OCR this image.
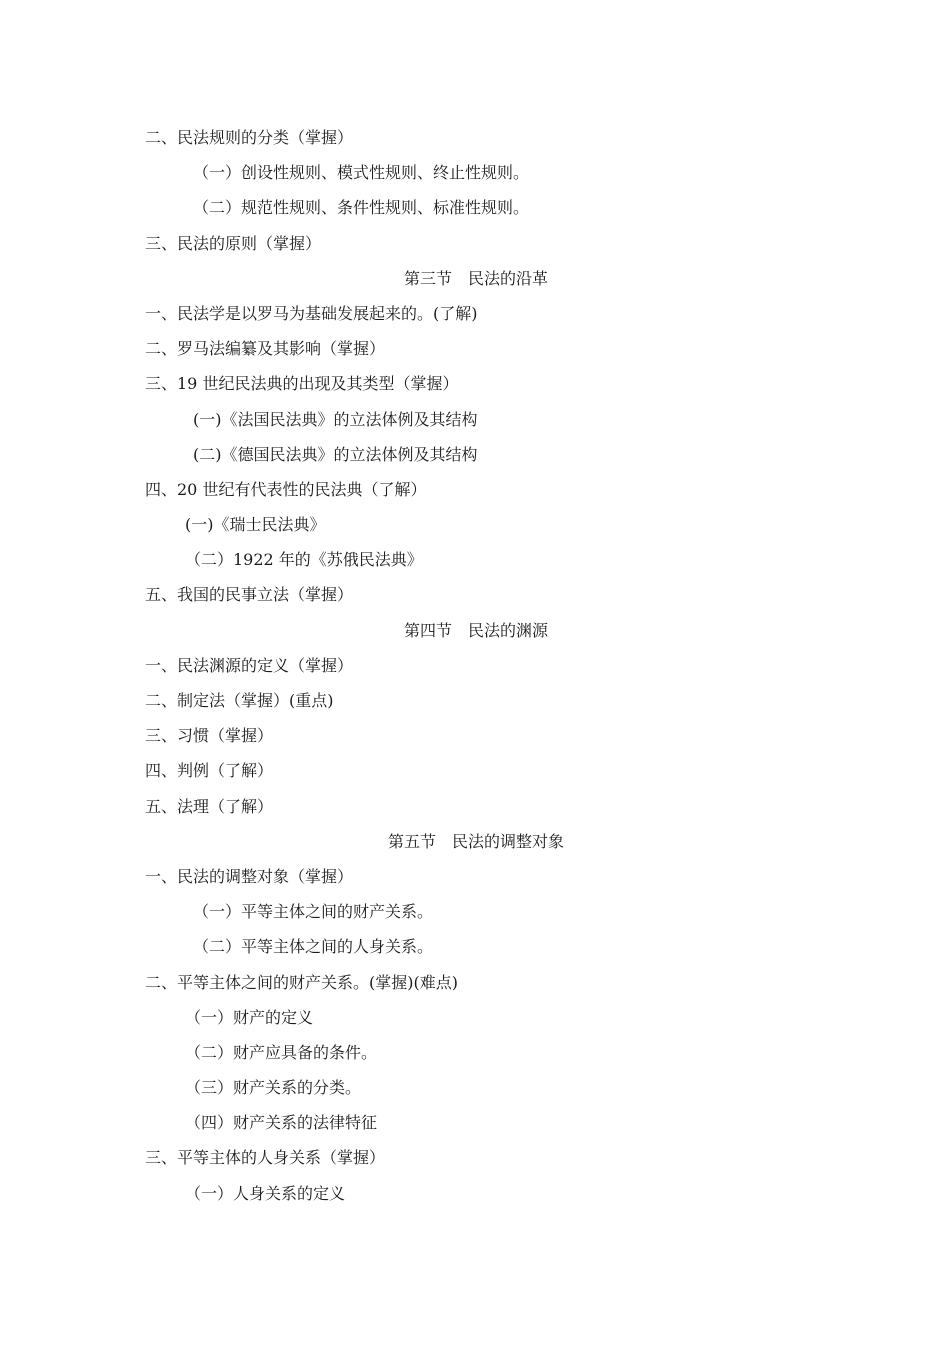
二、民法规则的分类（掌握）
（一）创设性规则、模式性规则、终止性规则。
（二）规范性规则、条件性规则、标准性规则。
三、民法的原则（掌握）
第三节　民法的沿革
一、民法学是以罗马为基础发展起来的。(了解)
二、罗马法编纂及其影响（掌握）
三、19 世纪民法典的出现及其类型（掌握）
(一)《法国民法典》的立法体例及其结构
(二)《德国民法典》的立法体例及其结构
四、20 世纪有代表性的民法典（了解）
(一)《瑞士民法典》
（二）1922 年的《苏俄民法典》
五、我国的民事立法（掌握）
第四节　民法的渊源
一、民法渊源的定义（掌握）
二、制定法（掌握）(重点)
三、习惯（掌握）
四、判例（了解）
五、法理（了解）
第五节　民法的调整对象
一、民法的调整对象（掌握）
（一）平等主体之间的财产关系。
（二）平等主体之间的人身关系。
二、平等主体之间的财产关系。(掌握)(难点)
（一）财产的定义
（二）财产应具备的条件。
（三）财产关系的分类。
（四）财产关系的法律特征
三、平等主体的人身关系（掌握）
（一）人身关系的定义
